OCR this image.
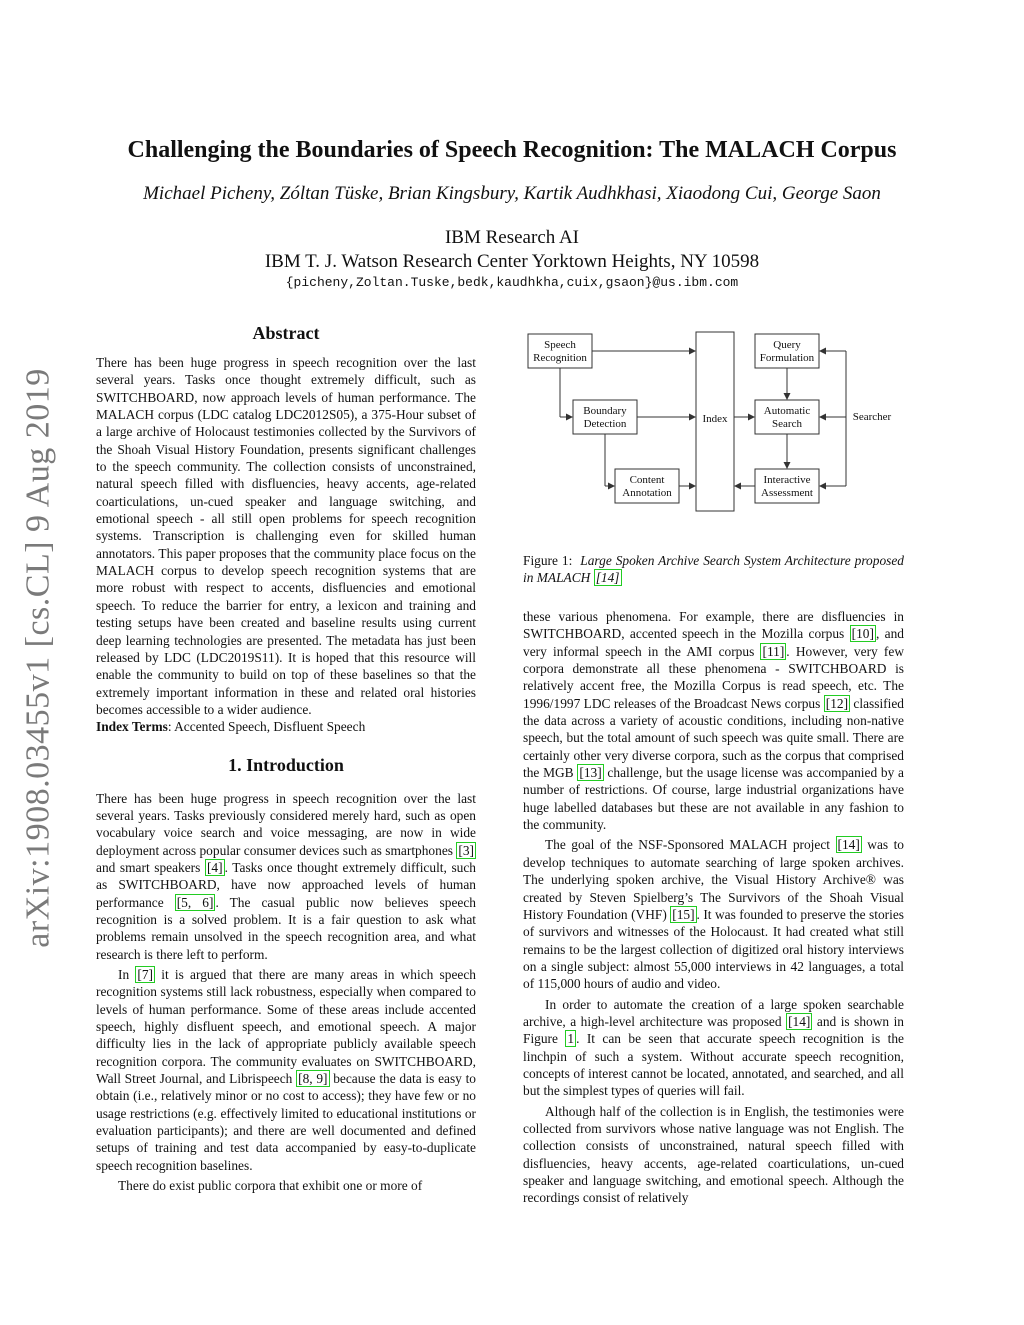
arXiv:1908.03455v1 [cs.CL] 9 Aug 2019
Challenging the Boundaries of Speech Recognition: The MALACH Corpus

Michael Picheny, Zóltan Tüske, Brian Kingsbury, Kartik Audhkhasi, Xiaodong Cui, George Saon

IBM Research AI
IBM T. J. Watson Research Center Yorktown Heights, NY 10598
{picheny,Zoltan.Tuske,bedk,kaudhkha,cuix,gsaon}@us.ibm.com
Abstract

There has been huge progress in speech recognition over the last several years. Tasks once thought extremely difficult, such as SWITCHBOARD, now approach levels of human performance. The MALACH corpus (LDC catalog LDC2012S05), a 375-Hour subset of a large archive of Holocaust testimonies collected by the Survivors of the Shoah Visual History Foundation, presents significant challenges to the speech community. The collection consists of unconstrained, natural speech filled with disfluencies, heavy accents, age-related coarticulations, un-cued speaker and language switching, and emotional speech - all still open problems for speech recognition systems. Transcription is challenging even for skilled human annotators. This paper proposes that the community place focus on the MALACH corpus to develop speech recognition systems that are more robust with respect to accents, disfluencies and emotional speech. To reduce the barrier for entry, a lexicon and training and testing setups have been created and baseline results using current deep learning technologies are presented. The metadata has just been released by LDC (LDC2019S11). It is hoped that this resource will enable the community to build on top of these baselines so that the extremely important information in these and related oral histories becomes accessible to a wider audience.

Index Terms: Accented Speech, Disfluent Speech

1. Introduction

There has been huge progress in speech recognition over the last several years. Tasks previously considered merely hard, such as open vocabulary voice search and voice messaging, are now in wide deployment across popular consumer devices such as smartphones [3] and smart speakers [4] . Tasks once thought extremely difficult, such as SWITCHBOARD, have now approached levels of human performance [5, 6] . The casual public now believes speech recognition is a solved problem. It is a fair question to ask what problems remain unsolved in the speech recognition area, and what research is there left to perform.

In [7] it is argued that there are many areas in which speech recognition systems still lack robustness, especially when compared to levels of human performance. Some of these areas include accented speech, highly disfluent speech, and emotional speech. A major difficulty lies in the lack of appropriate publicly available speech recognition corpora. The community evaluates on SWITCHBOARD, Wall Street Journal, and Librispeech [8, 9] because the data is easy to obtain (i.e., relatively minor or no cost to access); they have few or no usage restrictions (e.g. effectively limited to educational institutions or evaluation participants); and there are well documented and defined setups of training and test data accompanied by easy-to-duplicate speech recognition baselines.

There do exist public corpora that exhibit one or more of

Speech
Recognition
Query
Formulation
Boundary
Detection	Index
Automatic
Search
Searcher
Content
Annotation
Interactive
Assessment
Figure 1: Large Spoken Archive Search System Architecture proposed in MALACH [14]

these various phenomena. For example, there are disfluencies in SWITCHBOARD, accented speech in the Mozilla corpus [10] , and very informal speech in the AMI corpus [11] . However, very few corpora demonstrate all these phenomena - SWITCHBOARD is relatively accent free, the Mozilla Corpus is read speech, etc. The 1996/1997 LDC releases of the Broadcast News corpus [12] classified the data across a variety of acoustic conditions, including non-native speech, but the total amount of such speech was quite small. There are certainly other very diverse corpora, such as the corpus that comprised the MGB [13] challenge, but the usage license was accompanied by a number of restrictions. Of course, large industrial organizations have huge labelled databases but these are not available in any fashion to the community.

The goal of the NSF-Sponsored MALACH project [14] was to develop techniques to automate searching of large spoken archives. The underlying spoken archive, the Visual History Archive® was created by Steven Spielberg’s The Survivors of the Shoah Visual History Foundation (VHF) [15] . It was founded to preserve the stories of survivors and witnesses of the Holocaust. It had created what still remains to be the largest collection of digitized oral history interviews on a single subject: almost 55,000 interviews in 42 languages, a total of 115,000 hours of audio and video.

In order to automate the creation of a large spoken searchable archive, a high-level architecture was proposed [14] and is shown in Figure 1 . It can be seen that accurate speech recognition is the linchpin of such a system. Without accurate speech recognition, concepts of interest cannot be located, annotated, and searched, and all but the simplest types of queries will fail.

Although half of the collection is in English, the testimonies were collected from survivors whose native language was not English. The collection consists of unconstrained, natural speech filled with disfluencies, heavy accents, age-related coarticulations, un-cued speaker and language switching, and emotional speech. Although the recordings consist of relatively
